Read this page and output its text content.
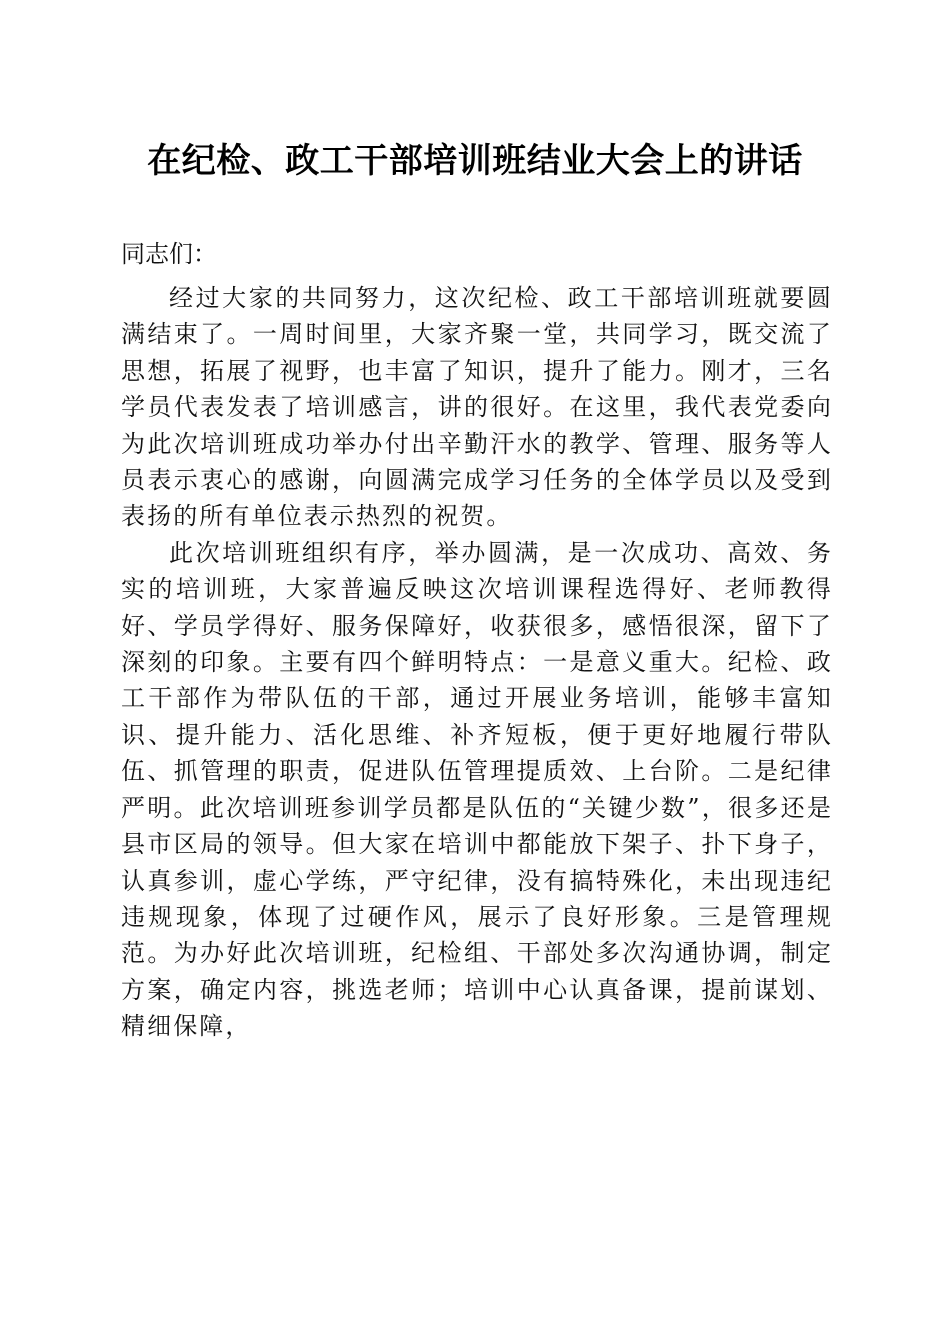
在纪检、政工干部培训班结业大会上的讲话

同志们：

经过大家的共同努力，这次纪检、政工干部培训班就要圆满结束了。一周时间里，大家齐聚一堂，共同学习，既交流了思想，拓展了视野，也丰富了知识，提升了能力。刚才，三名学员代表发表了培训感言，讲的很好。在这里，我代表党委向为此次培训班成功举办付出辛勤汗水的教学、管理、服务等人员表示衷心的感谢，向圆满完成学习任务的全体学员以及受到表扬的所有单位表示热烈的祝贺。

此次培训班组织有序，举办圆满，是一次成功、高效、务实的培训班，大家普遍反映这次培训课程选得好、老师教得好、学员学得好、服务保障好，收获很多，感悟很深，留下了深刻的印象。主要有四个鲜明特点：一是意义重大。纪检、政工干部作为带队伍的干部，通过开展业务培训，能够丰富知识、提升能力、活化思维、补齐短板，便于更好地履行带队伍、抓管理的职责，促进队伍管理提质效、上台阶。二是纪律严明。此次培训班参训学员都是队伍的“关键少数”，很多还是县市区局的领导。但大家在培训中都能放下架子、扑下身子，认真参训，虚心学练，严守纪律，没有搞特殊化，未出现违纪违规现象，体现了过硬作风，展示了良好形象。三是管理规范。为办好此次培训班，纪检组、干部处多次沟通协调，制定方案，确定内容，挑选老师；培训中心认真备课，提前谋划、精细保障，
